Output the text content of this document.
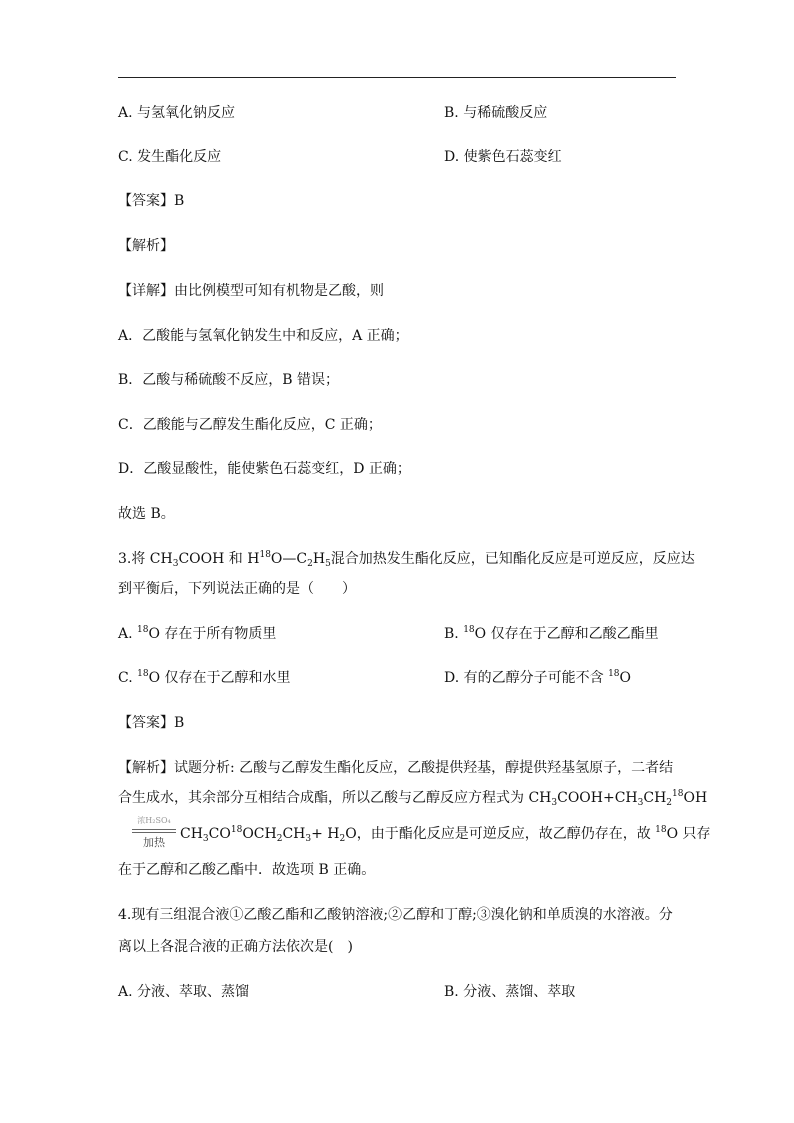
A. 与氢氧化钠反应	B. 与稀硫酸反应
C. 发生酯化反应	D. 使紫色石蕊变红
【答案】B
【解析】
【详解】由比例模型可知有机物是乙酸，则
A．乙酸能与氢氧化钠发生中和反应，A 正确；
B．乙酸与稀硫酸不反应，B 错误；
C．乙酸能与乙醇发生酯化反应，C 正确；
D．乙酸显酸性，能使紫色石蕊变红，D 正确；
故选 B。
3.将 $CH_3COOH$ 和 $H^{18}O—C_2H_5$混合加热发生酯化反应，已知酯化反应是可逆反应，反应达
到平衡后，下列说法正确的是（　　）
A. $^{18}$O 存在于所有物质里	B. $^{18}$O 仅存在于乙醇和乙酸乙酯里
C. $^{18}$O 仅存在于乙醇和水里	D. 有的乙醇分子可能不含 $^{18}$O
【答案】B
【解析】试题分析: 乙酸与乙醇发生酯化反应，乙酸提供羟基，醇提供羟基氢原子，二者结
合生成水，其余部分互相结合成酯，所以乙酸与乙醇反应方程式为 $CH_3COOH+CH_3CH_2^{18}OH$
浓H₂SO₄
加热
$CH_3CO^{18}OCH_2CH_3+ H_2O$，由于酯化反应是可逆反应，故乙醇仍存在，故 $^{18}$O 只存
在于乙醇和乙酸乙酯中．故选项 B 正确。
4.现有三组混合液①乙酸乙酯和乙酸钠溶液;②乙醇和丁醇;③溴化钠和单质溴的水溶液。分
离以上各混合液的正确方法依次是(　)
A. 分液、萃取、蒸馏	B. 分液、蒸馏、萃取
